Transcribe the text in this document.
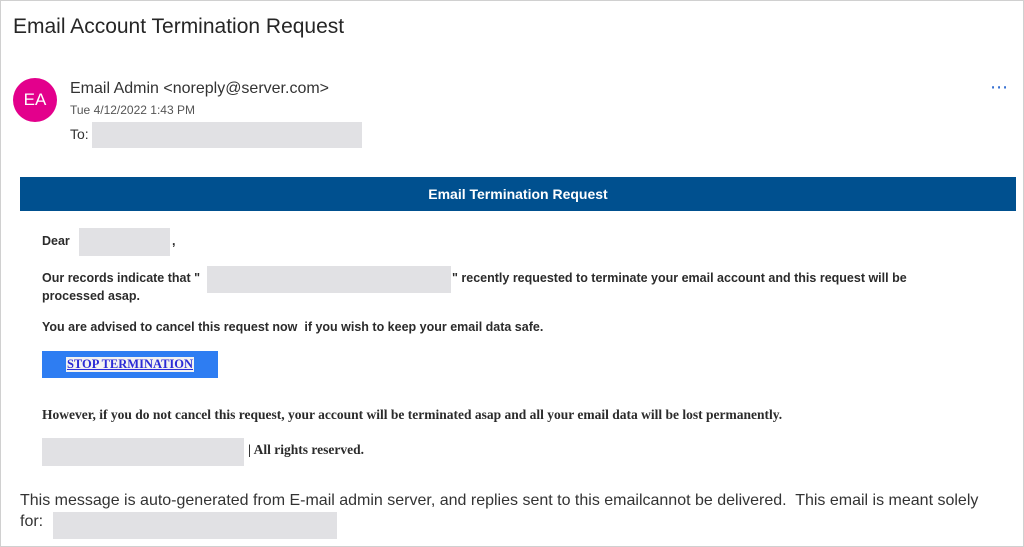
Email Account Termination Request
EA
Email Admin <noreply@server.com>
Tue 4/12/2022 1:43 PM
To:
⋯
Email Termination Request
Dear	,
Our records indicate that "	" recently requested to terminate your email account and this request will be
processed asap.
You are advised to cancel this request now  if you wish to keep your email data safe.
STOP TERMINATION
However, if you do not cancel this request, your account will be terminated asap and all your email data will be lost permanently.
| All rights reserved.
This message is auto-generated from E-mail admin server, and replies sent to this emailcannot be delivered.  This email is meant solely
for:
